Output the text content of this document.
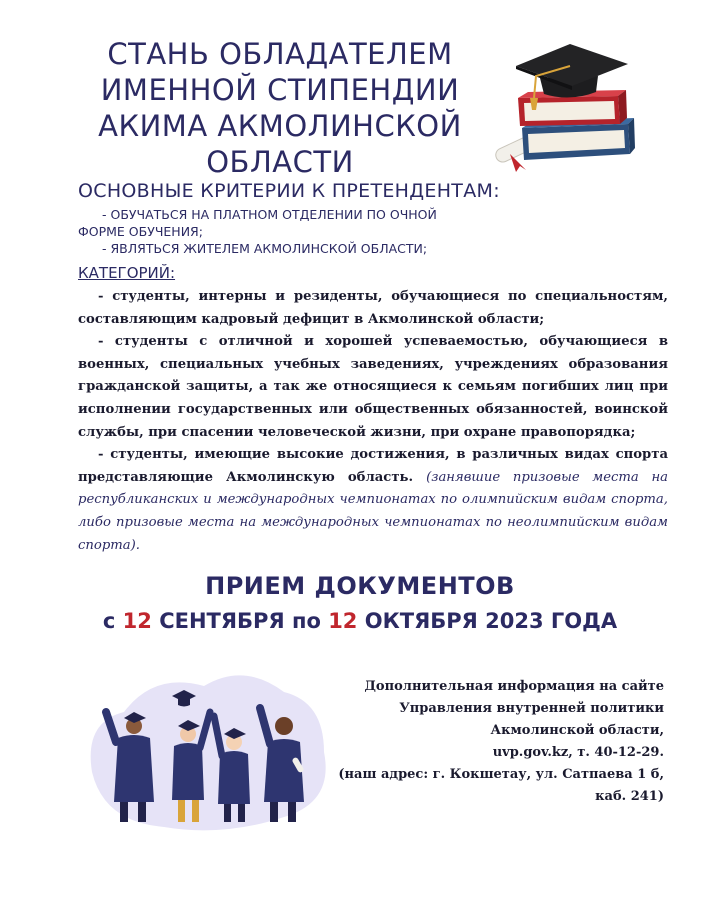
СТАНЬ ОБЛАДАТЕЛЕМ
ИМЕННОЙ СТИПЕНДИИ
АКИМА АКМОЛИНСКОЙ
ОБЛАСТИ
ОСНОВНЫЕ КРИТЕРИИ К ПРЕТЕНДЕНТАМ:
- ОБУЧАТЬСЯ НА ПЛАТНОМ ОТДЕЛЕНИИ ПО ОЧНОЙ
ФОРМЕ ОБУЧЕНИЯ;
- ЯВЛЯТЬСЯ ЖИТЕЛЕМ АКМОЛИНСКОЙ ОБЛАСТИ;
КАТЕГОРИЙ:

- студенты, интерны и резиденты, обучающиеся по специальностям, составляющим кадровый дефицит в Акмолинской области;

- студенты с отличной и хорошей успеваемостью, обучающиеся в военных, специальных учебных заведениях, учреждениях образования гражданской защиты, а так же относящиеся к семьям погибших лиц при исполнении государственных или общественных обязанностей, воинской службы, при спасении человеческой жизни, при охране правопорядка;

- студенты, имеющие высокие достижения, в различных видах спорта представляющие Акмолинскую область. (занявшие призовые места на республиканских и международных чемпионатах по олимпийским видам спорта, либо призовые места на международных чемпионатах по неолимпийским видам спорта).

ПРИЕМ ДОКУМЕНТОВ
с 12 СЕНТЯБРЯ по 12 ОКТЯБРЯ 2023 ГОДА
Дополнительная информация на сайте
Управления внутренней политики
Акмолинской области,
uvp.gov.kz, т. 40-12-29.
(наш адрес: г. Кокшетау, ул. Сатпаева 1 б,
каб. 241)
